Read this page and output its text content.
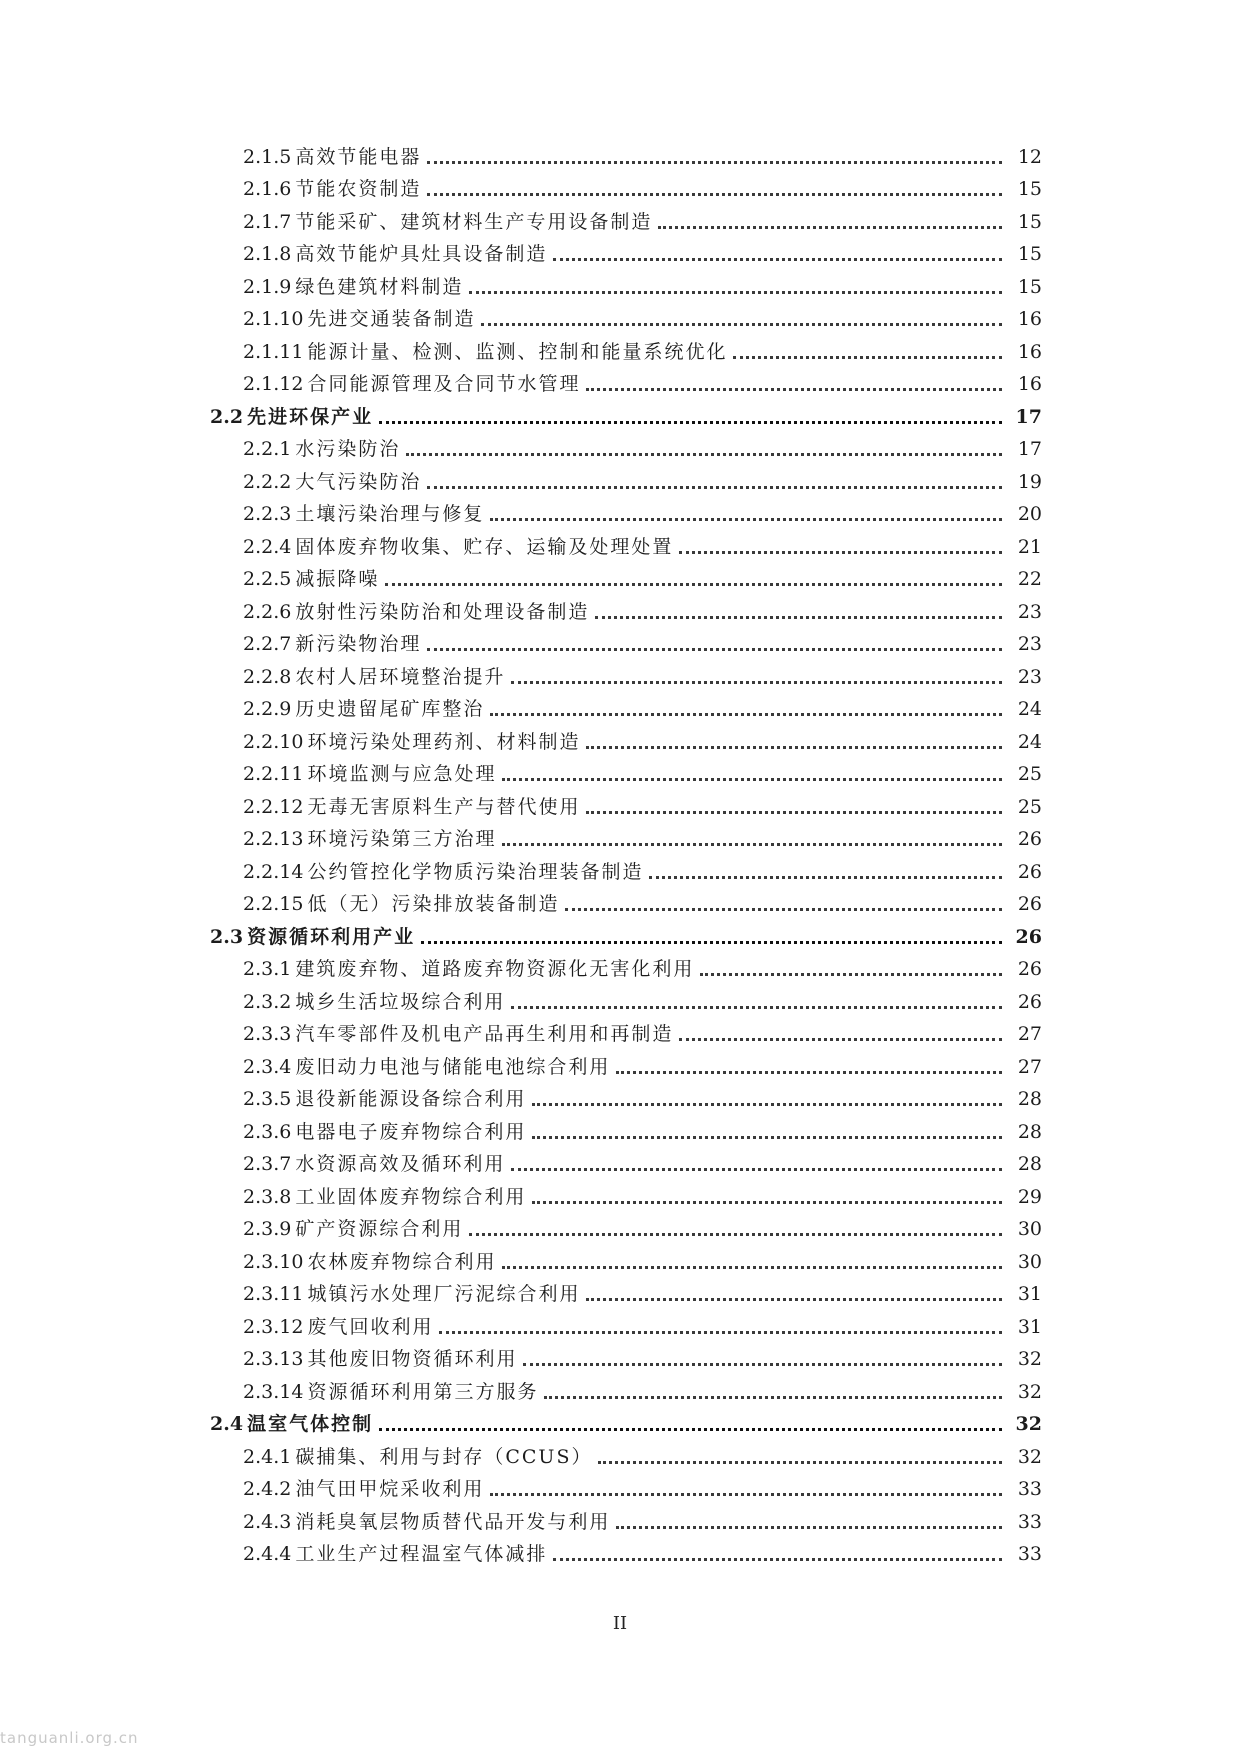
2.1.5 高效节能电器	12
2.1.6 节能农资制造	15
2.1.7 节能采矿、建筑材料生产专用设备制造	15
2.1.8 高效节能炉具灶具设备制造	15
2.1.9 绿色建筑材料制造	15
2.1.10 先进交通装备制造	16
2.1.11 能源计量、检测、监测、控制和能量系统优化	16
2.1.12 合同能源管理及合同节水管理	16
2.2 先进环保产业	17
2.2.1 水污染防治	17
2.2.2 大气污染防治	19
2.2.3 土壤污染治理与修复	20
2.2.4 固体废弃物收集、贮存、运输及处理处置	21
2.2.5 减振降噪	22
2.2.6 放射性污染防治和处理设备制造	23
2.2.7 新污染物治理	23
2.2.8 农村人居环境整治提升	23
2.2.9 历史遗留尾矿库整治	24
2.2.10 环境污染处理药剂、材料制造	24
2.2.11 环境监测与应急处理	25
2.2.12 无毒无害原料生产与替代使用	25
2.2.13 环境污染第三方治理	26
2.2.14 公约管控化学物质污染治理装备制造	26
2.2.15 低（无）污染排放装备制造	26
2.3 资源循环利用产业	26
2.3.1 建筑废弃物、道路废弃物资源化无害化利用	26
2.3.2 城乡生活垃圾综合利用	26
2.3.3 汽车零部件及机电产品再生利用和再制造	27
2.3.4 废旧动力电池与储能电池综合利用	27
2.3.5 退役新能源设备综合利用	28
2.3.6 电器电子废弃物综合利用	28
2.3.7 水资源高效及循环利用	28
2.3.8 工业固体废弃物综合利用	29
2.3.9 矿产资源综合利用	30
2.3.10 农林废弃物综合利用	30
2.3.11 城镇污水处理厂污泥综合利用	31
2.3.12 废气回收利用	31
2.3.13 其他废旧物资循环利用	32
2.3.14 资源循环利用第三方服务	32
2.4 温室气体控制	32
2.4.1 碳捕集、利用与封存（CCUS）	32
2.4.2 油气田甲烷采收利用	33
2.4.3 消耗臭氧层物质替代品开发与利用	33
2.4.4 工业生产过程温室气体减排	33
II
tanguanli.org.cn
